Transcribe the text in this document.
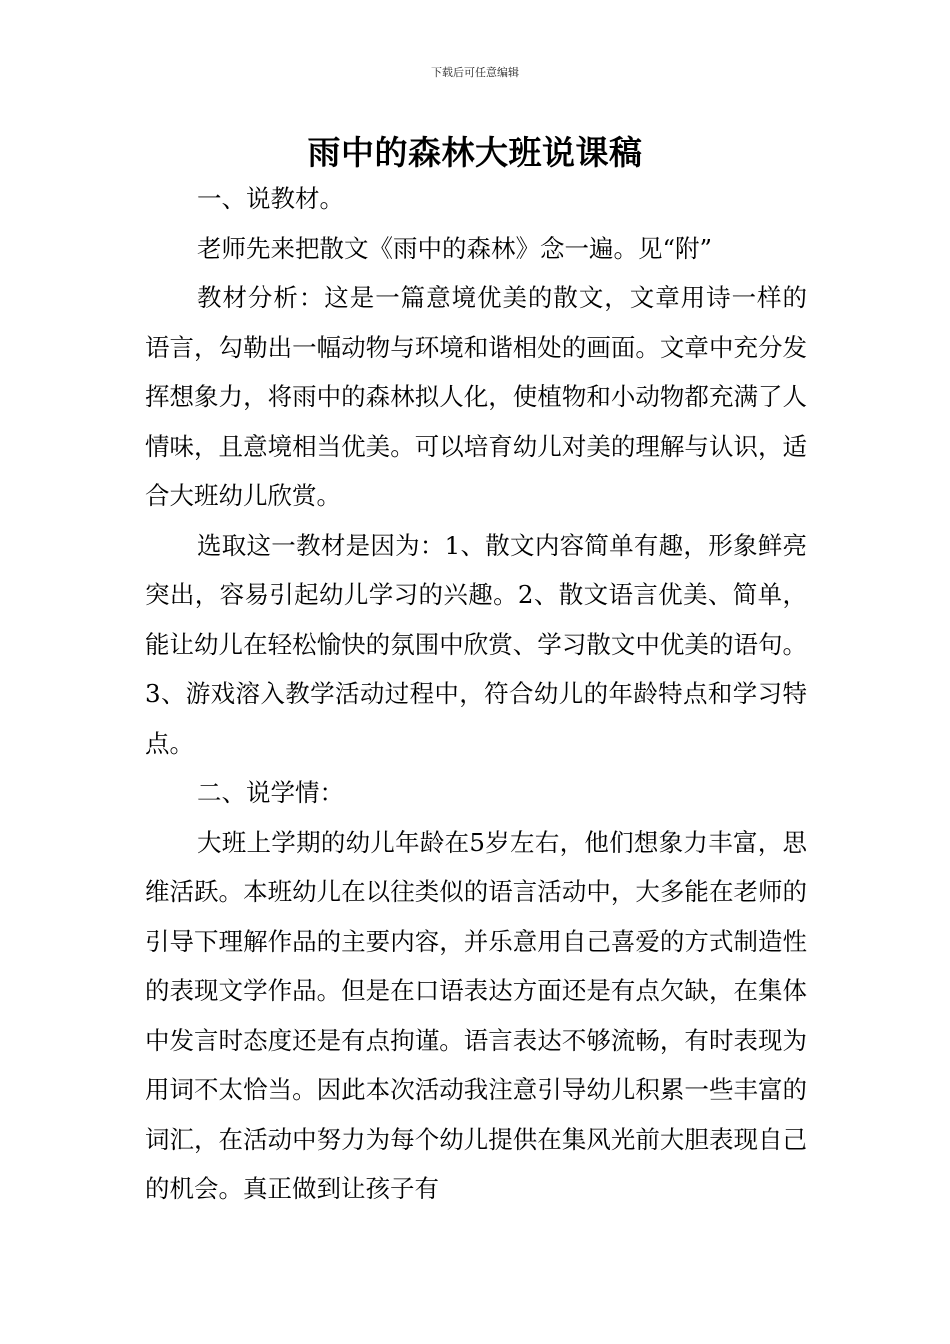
下载后可任意编辑
雨中的森林大班说课稿

一、说教材。

老师先来把散文《雨中的森林》念一遍。见“附”

教材分析：这是一篇意境优美的散文，文章用诗一样的语言，勾勒出一幅动物与环境和谐相处的画面。文章中充分发挥想象力，将雨中的森林拟人化，使植物和小动物都充满了人情味，且意境相当优美。可以培育幼儿对美的理解与认识，适合大班幼儿欣赏。

选取这一教材是因为：1、散文内容简单有趣，形象鲜亮突出，容易引起幼儿学习的兴趣。2、散文语言优美、简单，能让幼儿在轻松愉快的氛围中欣赏、学习散文中优美的语句。3、游戏溶入教学活动过程中，符合幼儿的年龄特点和学习特点。

二、说学情：

大班上学期的幼儿年龄在5岁左右，他们想象力丰富，思维活跃。本班幼儿在以往类似的语言活动中，大多能在老师的引导下理解作品的主要内容，并乐意用自己喜爱的方式制造性的表现文学作品。但是在口语表达方面还是有点欠缺，在集体中发言时态度还是有点拘谨。语言表达不够流畅，有时表现为用词不太恰当。因此本次活动我注意引导幼儿积累一些丰富的词汇，在活动中努力为每个幼儿提供在集风光前大胆表现自己的机会。真正做到让孩子有
